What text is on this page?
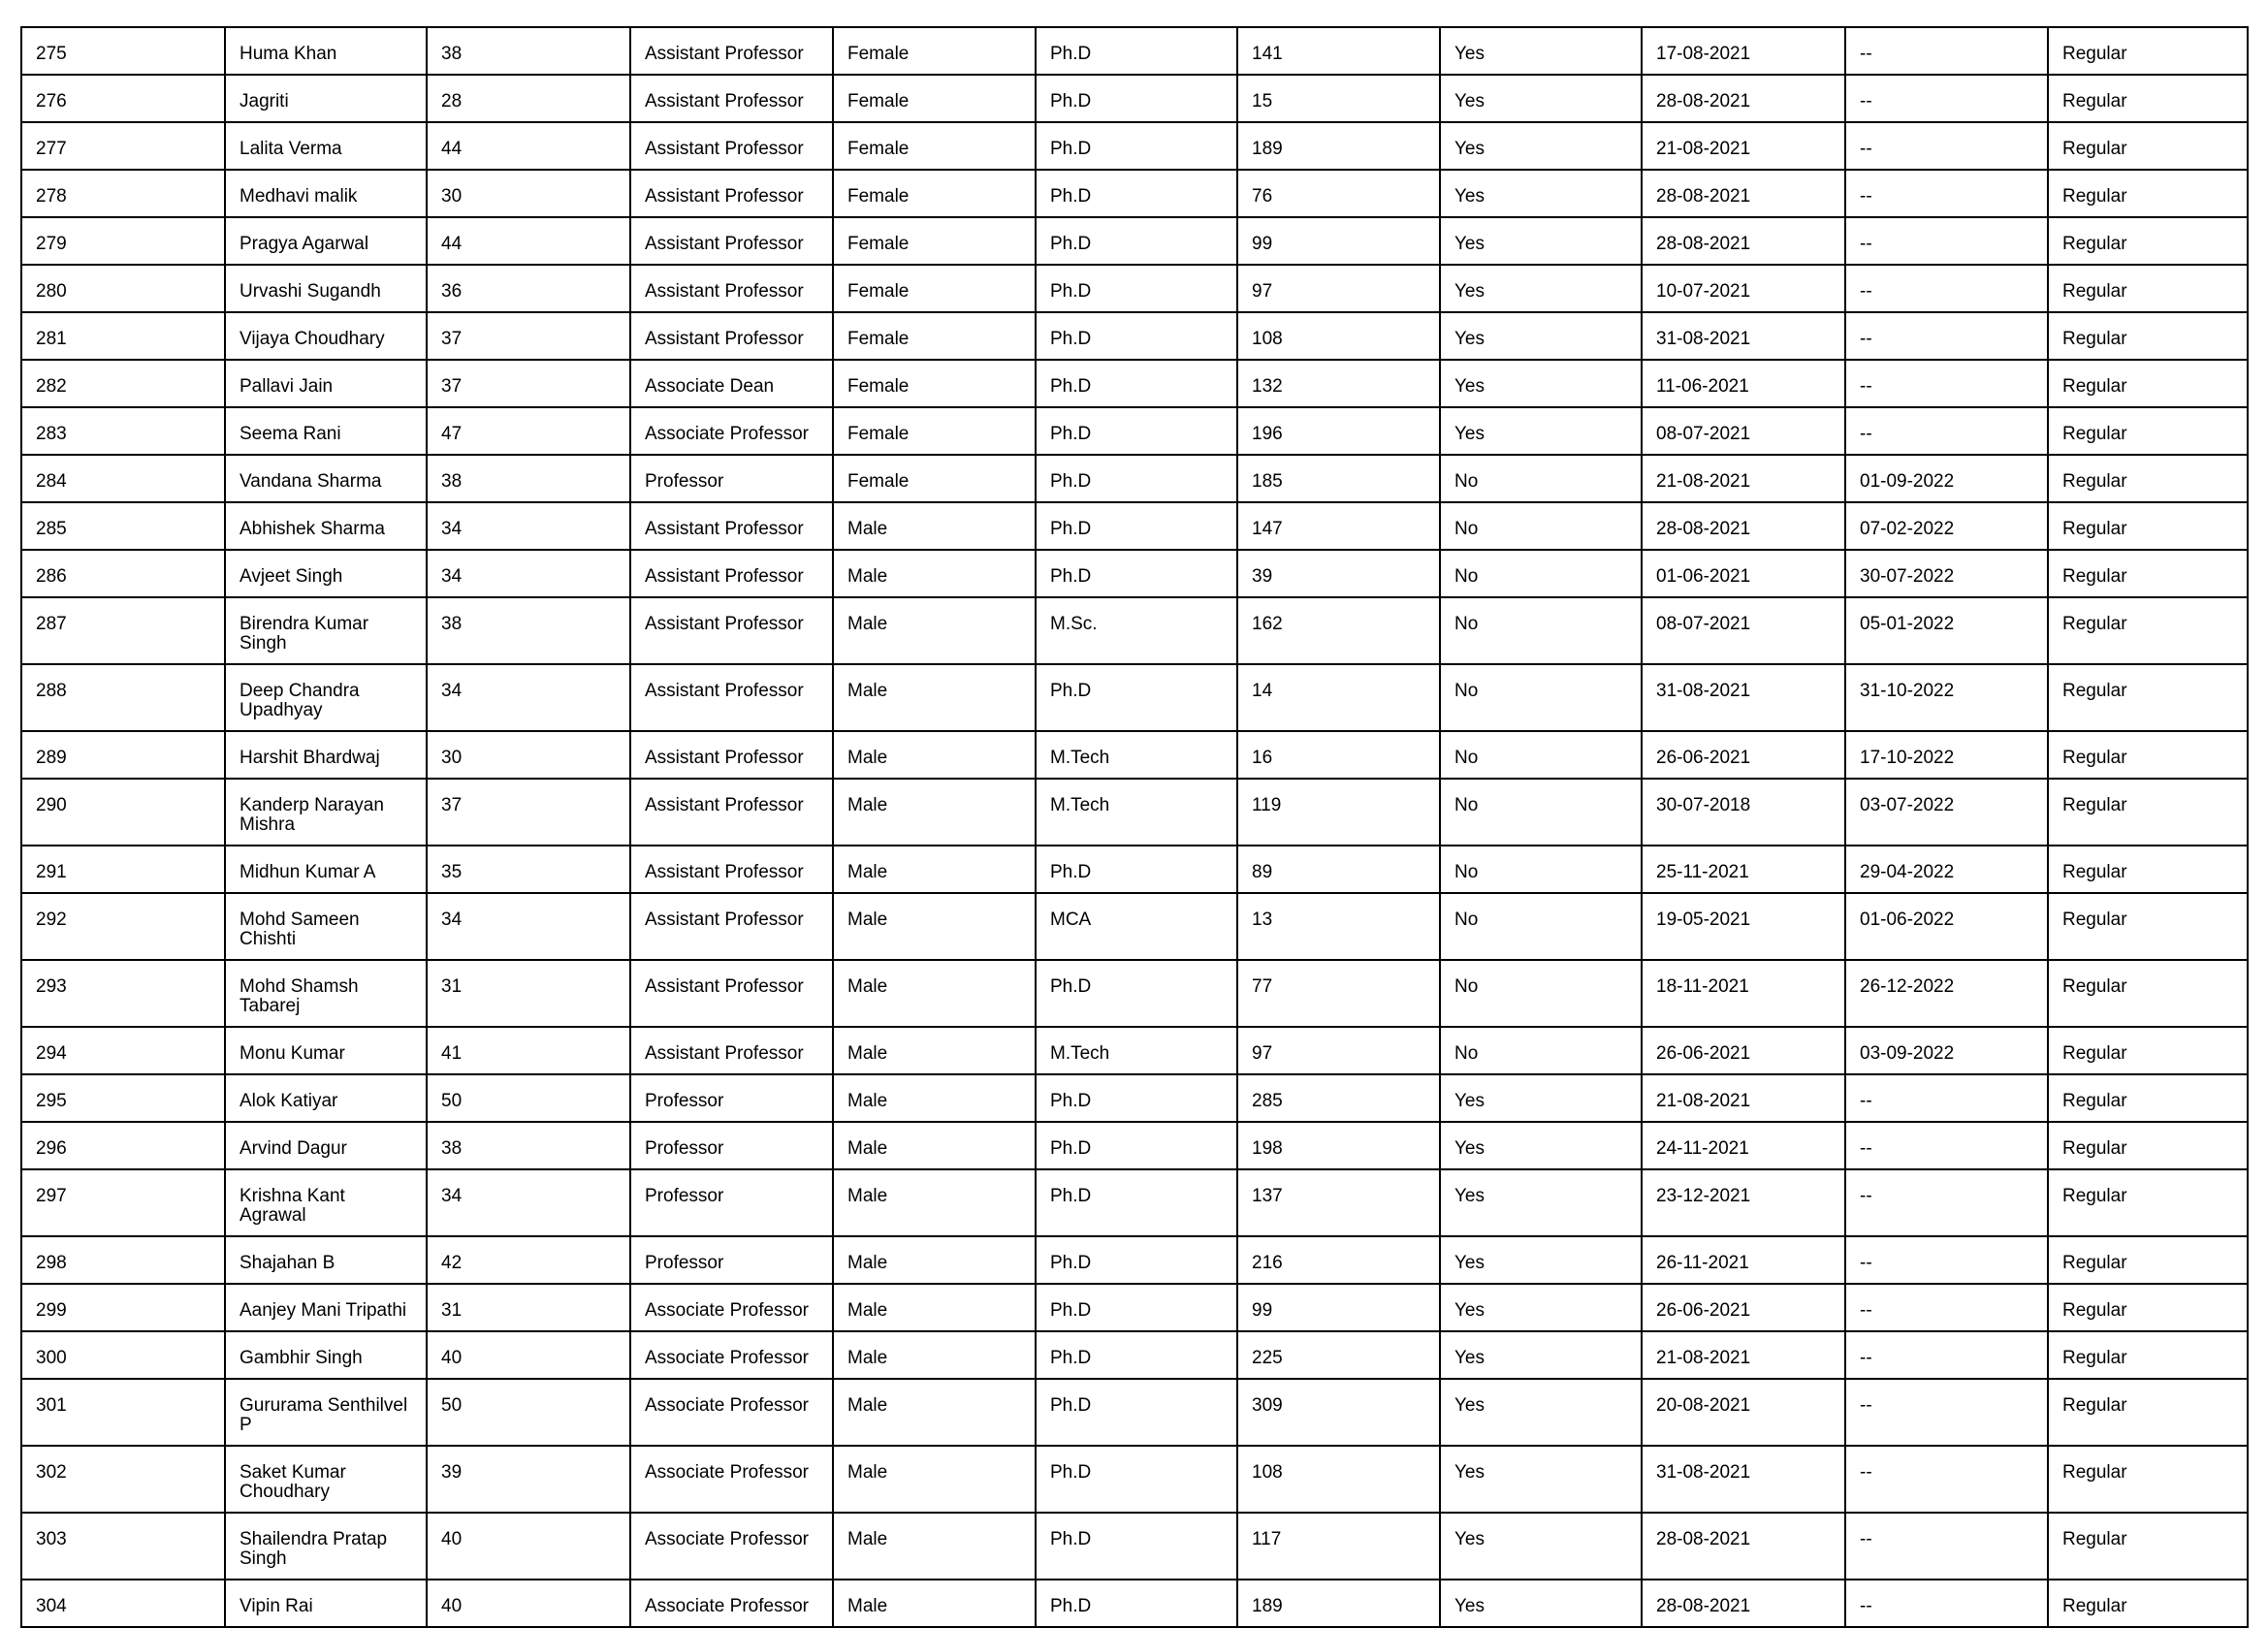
275	Huma Khan	38	Assistant Professor	Female	Ph.D	141	Yes	17-08-2021	--	Regular
276	Jagriti	28	Assistant Professor	Female	Ph.D	15	Yes	28-08-2021	--	Regular
277	Lalita Verma	44	Assistant Professor	Female	Ph.D	189	Yes	21-08-2021	--	Regular
278	Medhavi malik	30	Assistant Professor	Female	Ph.D	76	Yes	28-08-2021	--	Regular
279	Pragya Agarwal	44	Assistant Professor	Female	Ph.D	99	Yes	28-08-2021	--	Regular
280	Urvashi Sugandh	36	Assistant Professor	Female	Ph.D	97	Yes	10-07-2021	--	Regular
281	Vijaya Choudhary	37	Assistant Professor	Female	Ph.D	108	Yes	31-08-2021	--	Regular
282	Pallavi Jain	37	Associate Dean	Female	Ph.D	132	Yes	11-06-2021	--	Regular
283	Seema Rani	47	Associate Professor	Female	Ph.D	196	Yes	08-07-2021	--	Regular
284	Vandana Sharma	38	Professor	Female	Ph.D	185	No	21-08-2021	01-09-2022	Regular
285	Abhishek Sharma	34	Assistant Professor	Male	Ph.D	147	No	28-08-2021	07-02-2022	Regular
286	Avjeet Singh	34	Assistant Professor	Male	Ph.D	39	No	01-06-2021	30-07-2022	Regular
287	Birendra Kumar Singh	38	Assistant Professor	Male	M.Sc.	162	No	08-07-2021	05-01-2022	Regular
288	Deep Chandra Upadhyay	34	Assistant Professor	Male	Ph.D	14	No	31-08-2021	31-10-2022	Regular
289	Harshit Bhardwaj	30	Assistant Professor	Male	M.Tech	16	No	26-06-2021	17-10-2022	Regular
290	Kanderp Narayan Mishra	37	Assistant Professor	Male	M.Tech	119	No	30-07-2018	03-07-2022	Regular
291	Midhun Kumar A	35	Assistant Professor	Male	Ph.D	89	No	25-11-2021	29-04-2022	Regular
292	Mohd Sameen Chishti	34	Assistant Professor	Male	MCA	13	No	19-05-2021	01-06-2022	Regular
293	Mohd Shamsh Tabarej	31	Assistant Professor	Male	Ph.D	77	No	18-11-2021	26-12-2022	Regular
294	Monu Kumar	41	Assistant Professor	Male	M.Tech	97	No	26-06-2021	03-09-2022	Regular
295	Alok Katiyar	50	Professor	Male	Ph.D	285	Yes	21-08-2021	--	Regular
296	Arvind Dagur	38	Professor	Male	Ph.D	198	Yes	24-11-2021	--	Regular
297	Krishna Kant Agrawal	34	Professor	Male	Ph.D	137	Yes	23-12-2021	--	Regular
298	Shajahan B	42	Professor	Male	Ph.D	216	Yes	26-11-2021	--	Regular
299	Aanjey Mani Tripathi	31	Associate Professor	Male	Ph.D	99	Yes	26-06-2021	--	Regular
300	Gambhir Singh	40	Associate Professor	Male	Ph.D	225	Yes	21-08-2021	--	Regular
301	Gururama Senthilvel P	50	Associate Professor	Male	Ph.D	309	Yes	20-08-2021	--	Regular
302	Saket Kumar Choudhary	39	Associate Professor	Male	Ph.D	108	Yes	31-08-2021	--	Regular
303	Shailendra Pratap Singh	40	Associate Professor	Male	Ph.D	117	Yes	28-08-2021	--	Regular
304	Vipin Rai	40	Associate Professor	Male	Ph.D	189	Yes	28-08-2021	--	Regular
